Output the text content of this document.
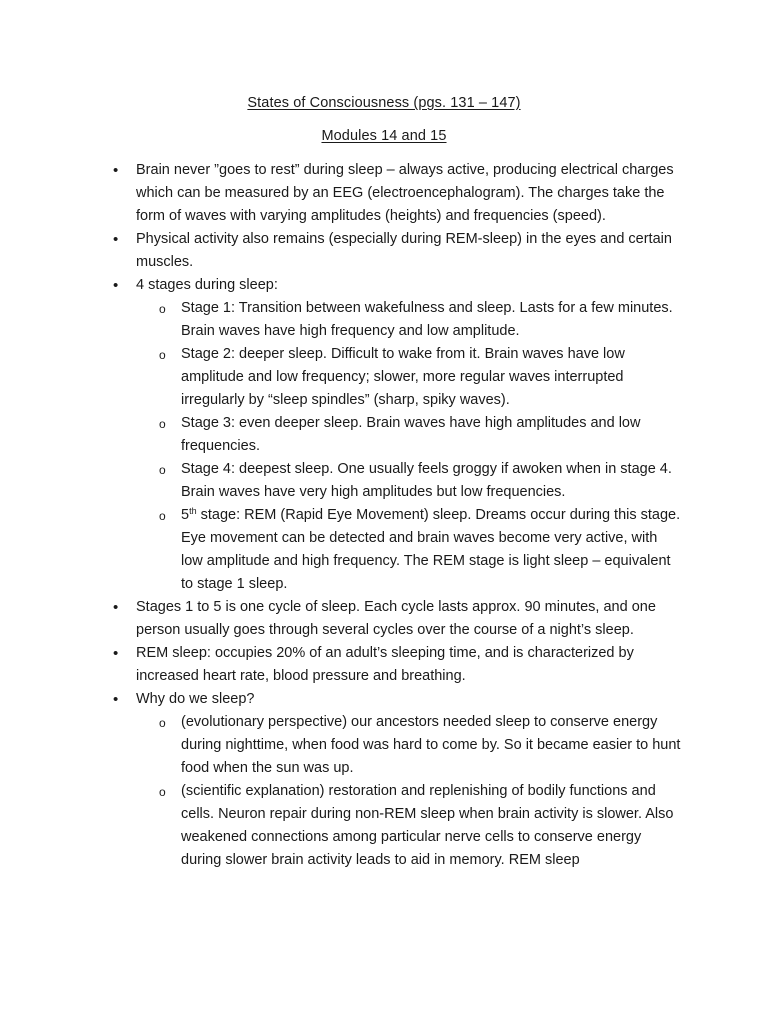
States of Consciousness (pgs. 131 – 147)
Modules 14 and 15
• Brain never ”goes to rest” during sleep – always active, producing electrical charges which can be measured by an EEG (electroencephalogram). The charges take the form of waves with varying amplitudes (heights) and frequencies (speed).
• Physical activity also remains (especially during REM-sleep) in the eyes and certain muscles.
• 4 stages during sleep:
o Stage 1: Transition between wakefulness and sleep. Lasts for a few minutes. Brain waves have high frequency and low amplitude.
o Stage 2: deeper sleep. Difficult to wake from it. Brain waves have low amplitude and low frequency; slower, more regular waves interrupted irregularly by “sleep spindles” (sharp, spiky waves).
o Stage 3: even deeper sleep. Brain waves have high amplitudes and low frequencies.
o Stage 4: deepest sleep. One usually feels groggy if awoken when in stage 4. Brain waves have very high amplitudes but low frequencies.
o 5th stage: REM (Rapid Eye Movement) sleep. Dreams occur during this stage. Eye movement can be detected and brain waves become very active, with low amplitude and high frequency. The REM stage is light sleep – equivalent to stage 1 sleep.
• Stages 1 to 5 is one cycle of sleep. Each cycle lasts approx. 90 minutes, and one person usually goes through several cycles over the course of a night’s sleep.
• REM sleep: occupies 20% of an adult’s sleeping time, and is characterized by increased heart rate, blood pressure and breathing.
• Why do we sleep?
o (evolutionary perspective) our ancestors needed sleep to conserve energy during nighttime, when food was hard to come by. So it became easier to hunt food when the sun was up.
o (scientific explanation) restoration and replenishing of bodily functions and cells. Neuron repair during non-REM sleep when brain activity is slower. Also weakened connections among particular nerve cells to conserve energy during slower brain activity leads to aid in memory. REM sleep
